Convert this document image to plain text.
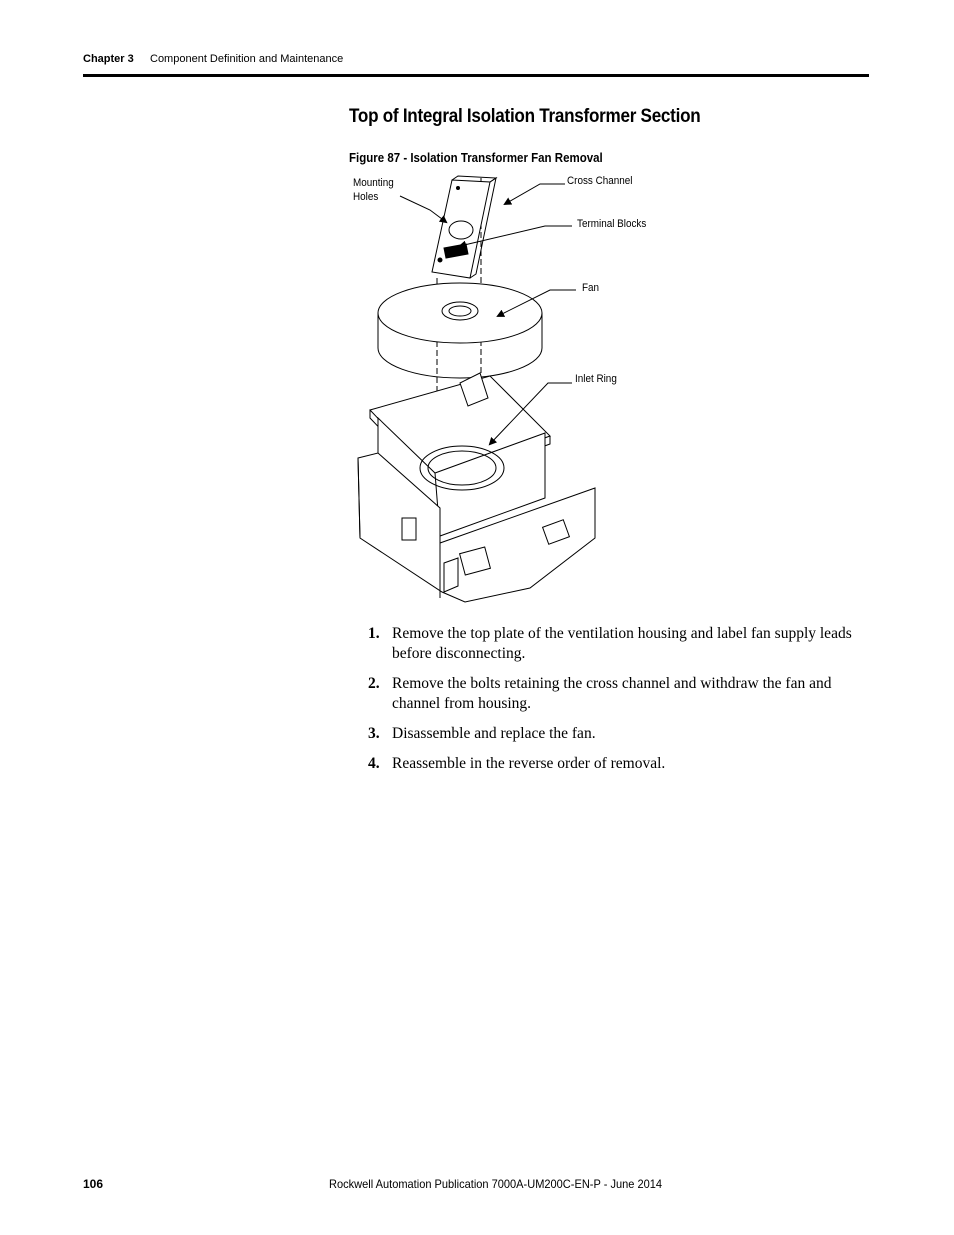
Chapter 3 Component Definition and Maintenance
Top of Integral Isolation Transformer Section
Figure 87 - Isolation Transformer Fan Removal
Mounting
Holes
Cross Channel
Terminal Blocks
Fan
Inlet Ring
1. Remove the top plate of the ventilation housing and label fan supply leads before disconnecting.
2. Remove the bolts retaining the cross channel and withdraw the fan and channel from housing.
3. Disassemble and replace the fan.
4. Reassemble in the reverse order of removal.
106	Rockwell Automation Publication 7000A-UM200C-EN-P - June 2014
